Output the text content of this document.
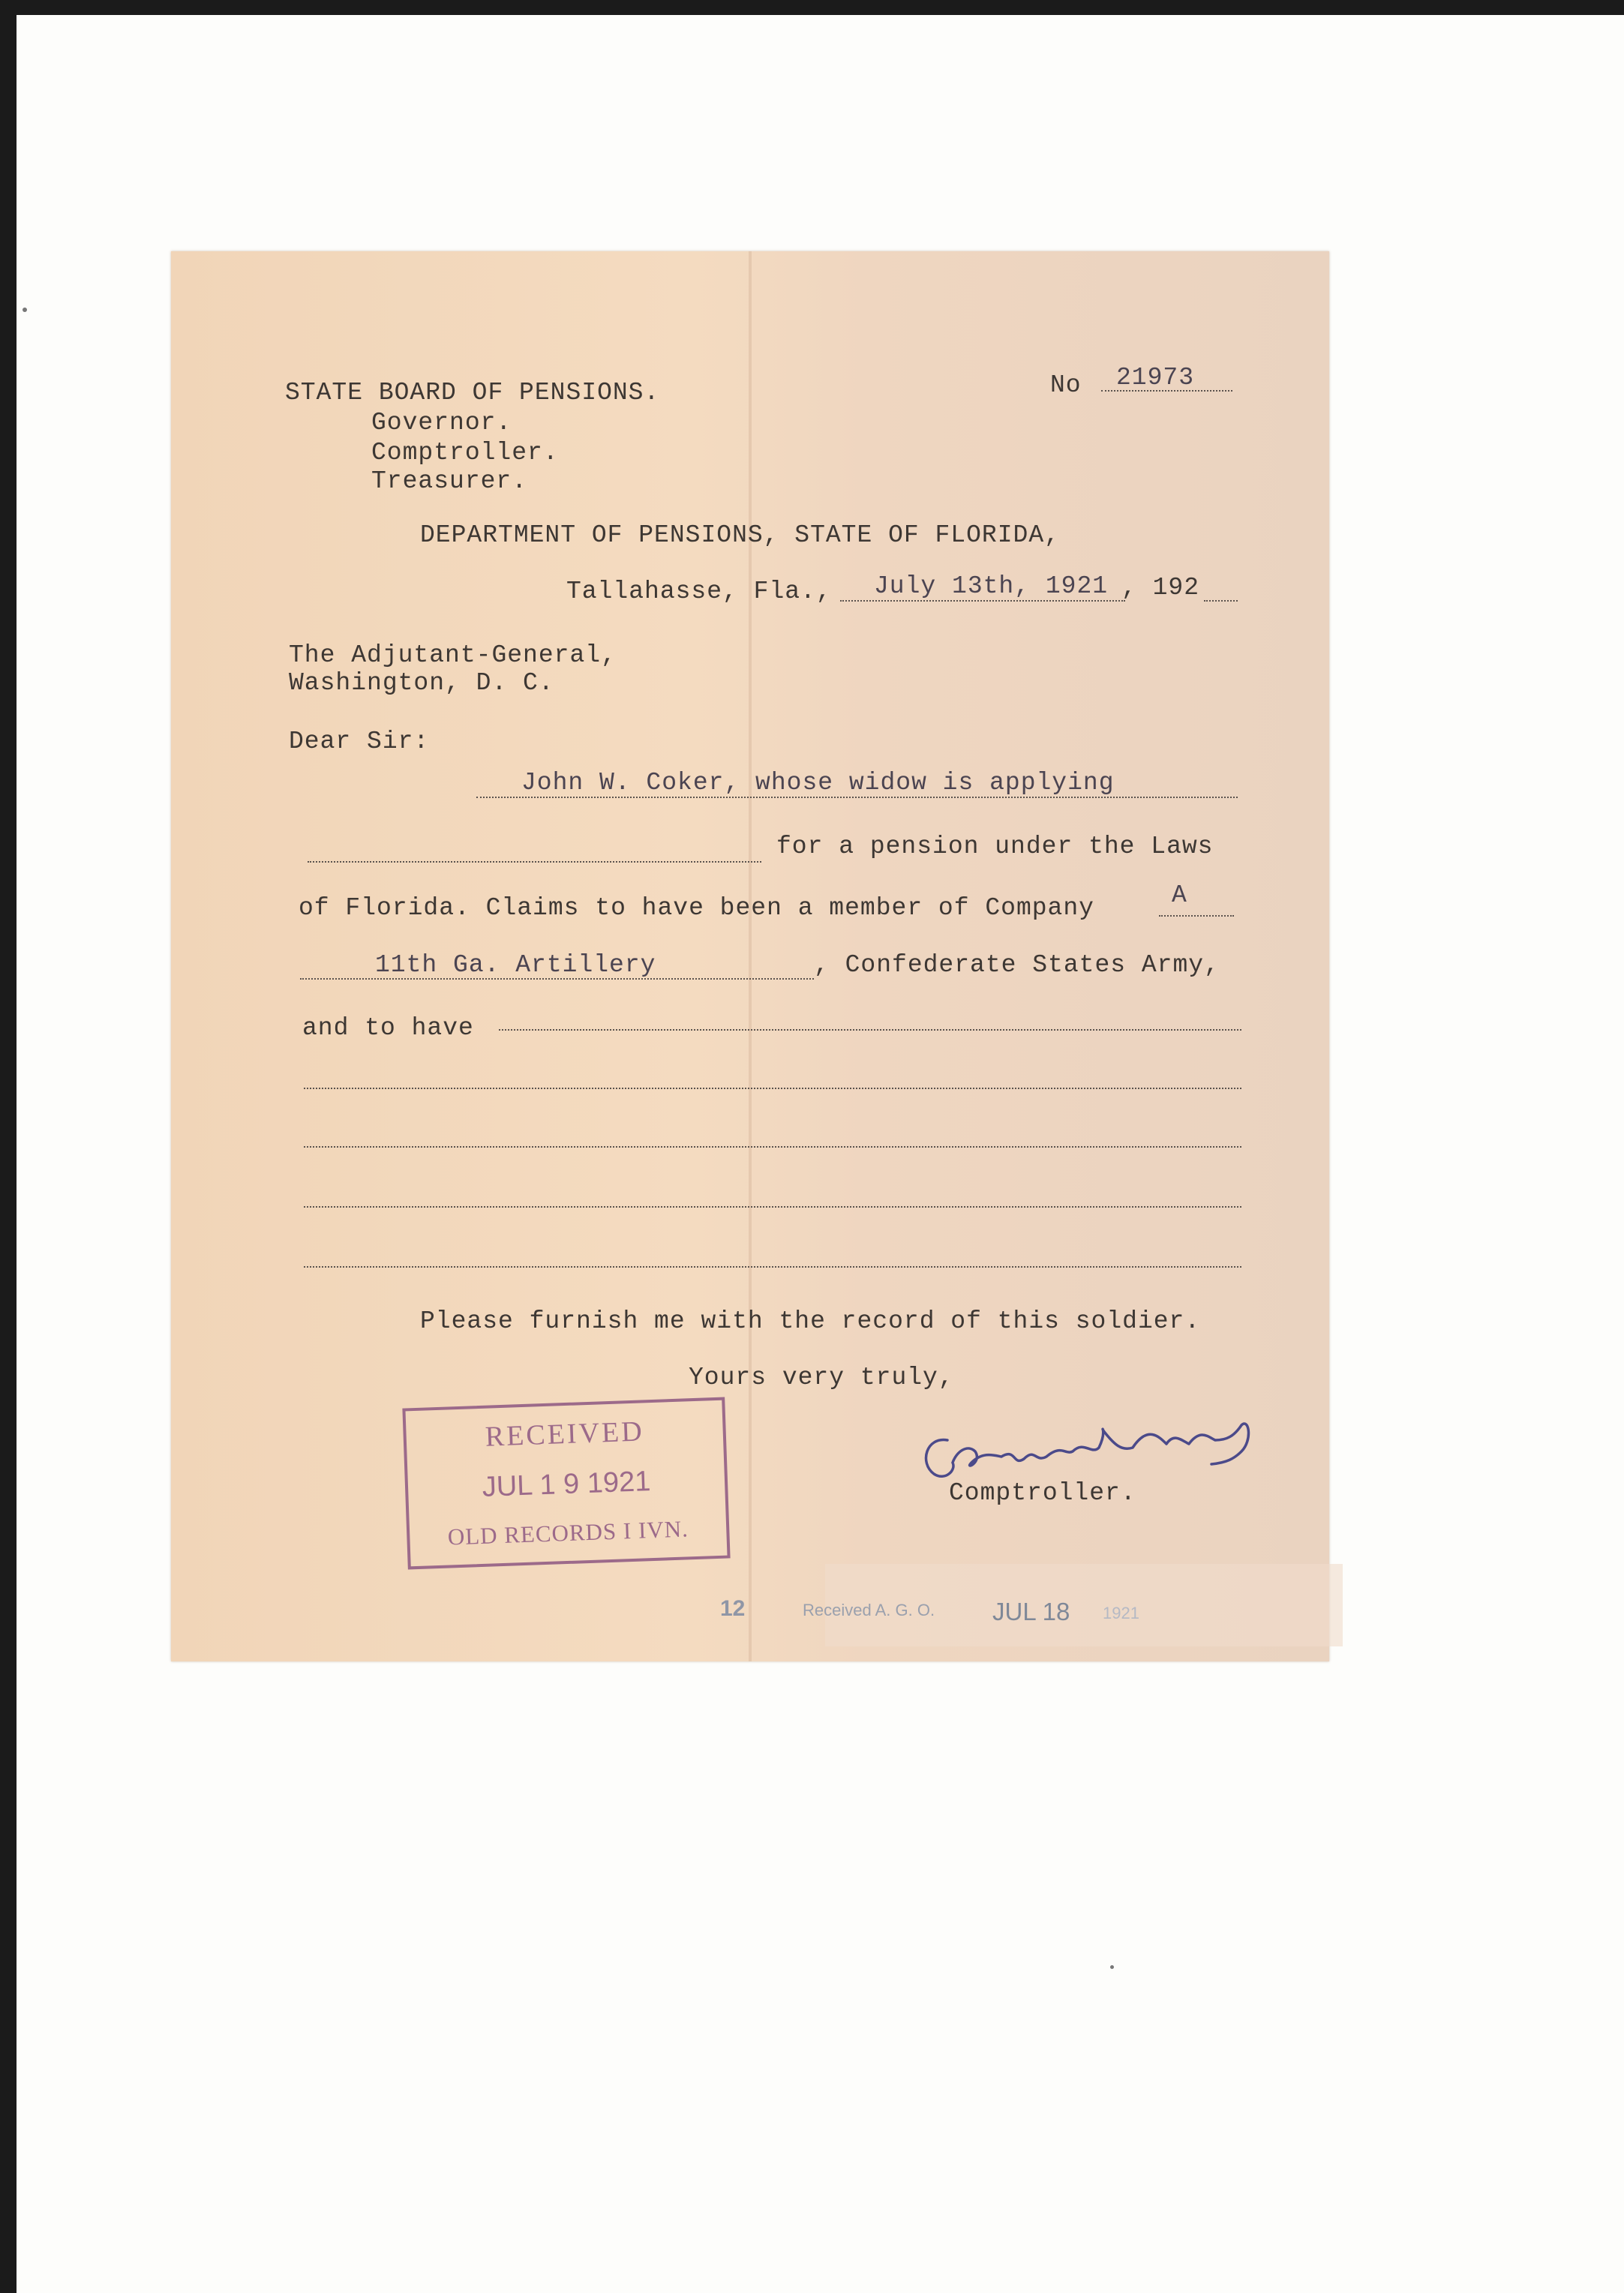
No 21973
STATE BOARD OF PENSIONS.
Governor.
Comptroller.
Treasurer.
DEPARTMENT OF PENSIONS, STATE OF FLORIDA,
Tallahasse, Fla., July 13th, 1921 , 192
The Adjutant-General,
Washington, D. C.
Dear Sir:
John W. Coker, whose widow is applying
for a pension under the Laws
of Florida. Claims to have been a member of Company	A
11th Ga. Artillery	, Confederate States Army,
and to have
Please furnish me with the record of this soldier.
Yours very truly,
Comptroller.
RECEIVED
JUL 1 9 1921
OLD RECORDS I IVN.
12	Received A. G. O. JUL 18 1921
